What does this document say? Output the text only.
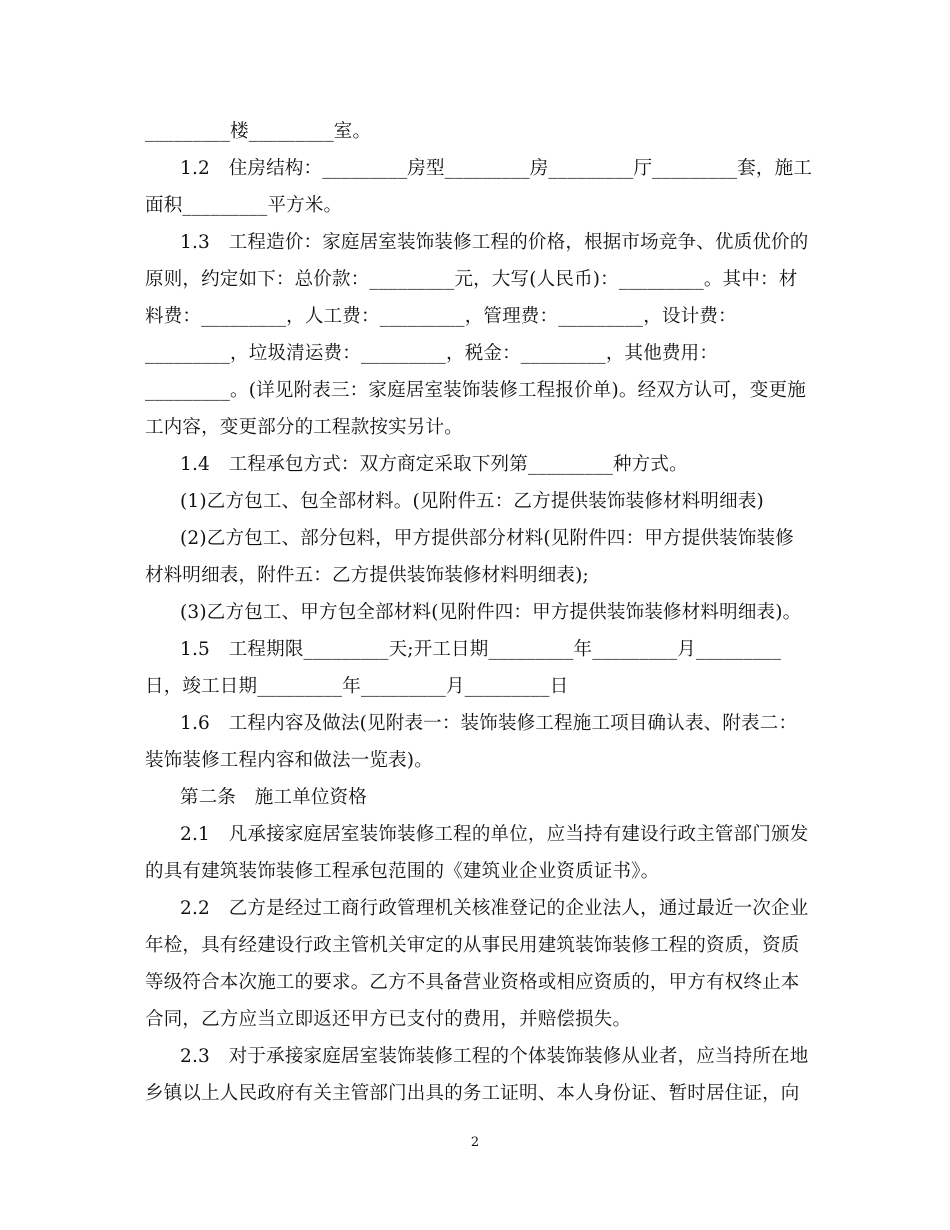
_________楼_________室。
1.2　住房结构：_________房型_________房_________厅_________套，施工
面积_________平方米。
1.3　工程造价：家庭居室装饰装修工程的价格，根据市场竞争、优质优价的
原则，约定如下：总价款：_________元，大写(人民币)：_________。其中：材
料费：_________，人工费：_________，管理费：_________，设计费：
_________，垃圾清运费：_________，税金：_________，其他费用：
_________。(详见附表三：家庭居室装饰装修工程报价单)。经双方认可，变更施
工内容，变更部分的工程款按实另计。
1.4　工程承包方式：双方商定采取下列第_________种方式。
(1)乙方包工、包全部材料。(见附件五：乙方提供装饰装修材料明细表)
(2)乙方包工、部分包料，甲方提供部分材料(见附件四：甲方提供装饰装修
材料明细表，附件五：乙方提供装饰装修材料明细表);
(3)乙方包工、甲方包全部材料(见附件四：甲方提供装饰装修材料明细表)。
1.5　工程期限_________天;开工日期_________年_________月_________
日，竣工日期_________年_________月_________日
1.6　工程内容及做法(见附表一：装饰装修工程施工项目确认表、附表二：
装饰装修工程内容和做法一览表)。
第二条　施工单位资格
2.1　凡承接家庭居室装饰装修工程的单位，应当持有建设行政主管部门颁发
的具有建筑装饰装修工程承包范围的《建筑业企业资质证书》。
2.2　乙方是经过工商行政管理机关核准登记的企业法人，通过最近一次企业
年检，具有经建设行政主管机关审定的从事民用建筑装饰装修工程的资质，资质
等级符合本次施工的要求。乙方不具备营业资格或相应资质的，甲方有权终止本
合同，乙方应当立即返还甲方已支付的费用，并赔偿损失。
2.3　对于承接家庭居室装饰装修工程的个体装饰装修从业者，应当持所在地
乡镇以上人民政府有关主管部门出具的务工证明、本人身份证、暂时居住证，向
2
